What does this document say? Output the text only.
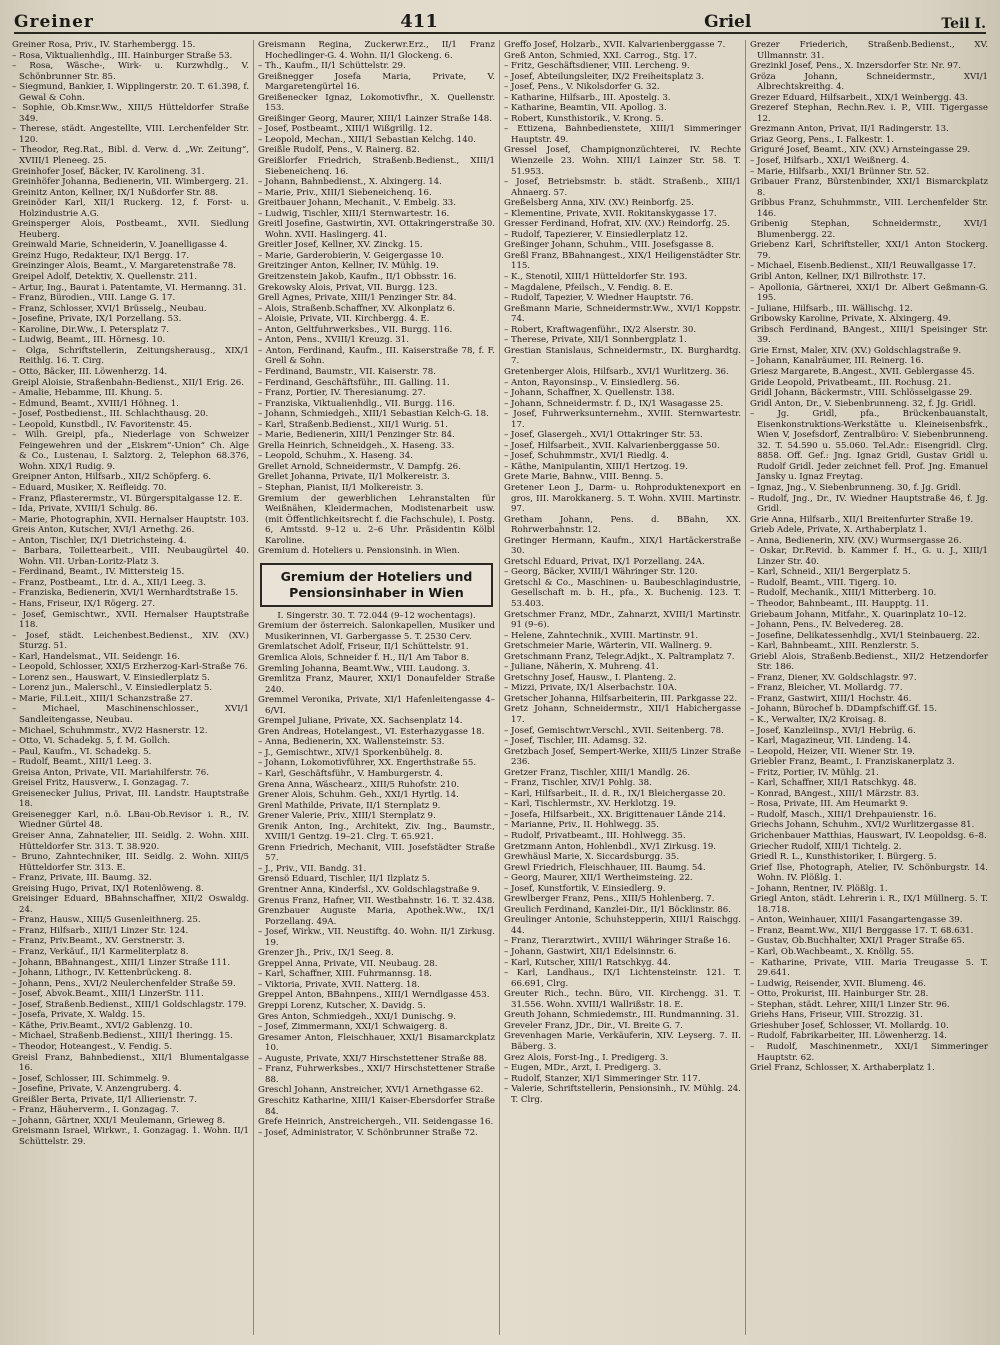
Greiner	411	Griel	Teil I.

Greiner Rosa, Priv., IV. Starhembergg. 15.

– Rosa, Viktualienhdlg., III. Hainburger Straße 53.

– Rosa, Wäsche-, Wirk- u. Kurzwhdlg., V. Schönbrunner Str. 85.

– Siegmund, Bankier, I. Wipplingerstr. 20. T. 61.398, f. Gewal & Cohn.

– Sophie, Ob.Kmsr.Ww., XIII/5 Hütteldorfer Straße 349.

– Therese, städt. Angestellte, VIII. Lerchenfelder Str. 120.

– Theodor, Reg.Rat., Bibl. d. Verw. d. „Wr. Zeitung“, XVIII/1 Pleneeg. 25.

Greinhofer Josef, Bäcker, IV. Karolineng. 31.

Greinhöfer Johanna, Bedienerin, VII. Wimbergerg. 21.

Greinitz Anton, Kellner, IX/1 Nußdorfer Str. 88.

Greinöder Karl, XII/1 Ruckerg. 12, f. Forst- u. Holzindustrie A.G.

Greinsperger Alois, Postbeamt., XVII. Siedlung Heuberg.

Greinwald Marie, Schneiderin, V. Joanelligasse 4.

Greinz Hugo, Redakteur, IX/1 Bergg. 17.

Greinzinger Alois, Beamt., V. Margaretenstraße 78.

Greipel Adolf, Detektiv, X. Quellenstr. 211.

– Artur, Ing., Baurat i. Patentamte, VI. Hermanng. 31.

– Franz, Bürodien., VIII. Lange G. 17.

– Franz, Schlosser, XVI/1 Brüsselg., Neubau.

– Josefine, Private, IX/1 Porzellang. 53.

– Karoline, Dir.Ww., I. Petersplatz 7.

– Ludwig, Beamt., III. Hörnesg. 10.

– Olga, Schriftstellerin, Zeitungsherausg., XIX/1 Reithlg. 16. T. Cirg.

– Otto, Bäcker, III. Löwenherzg. 14.

Greipl Aloisie, Straßenbahn-Bedienst., XII/1 Erig. 26.

– Amalie, Hebamme, III. Khung. 5.

– Edmund, Beamt., XVIII/1 Höhneg. 1.

– Josef, Postbedienst., III. Schlachthausg. 20.

– Leopold, Kunstbdl., IV. Favoritenstr. 45.

– Wilh. Greipl, pfa., Niederlage von Schweizer Feingewehren und der „Eiskrem“-Union“ Ch. Alge & Co., Lustenau, I. Salztorg. 2, Telephon 68.376, Wohn. XIX/1 Rudig. 9.

Greipner Anton, Hilfsarb., XII/2 Schöpferg. 6.

– Eduard, Musiker, X. Reifleidg. 70.

– Franz, Pflasterermstr., VI. Bürgerspitalgasse 12. E.

– Ida, Private, XVIII/1 Schulg. 86.

– Marie, Photographin, XVII. Hernalser Hauptstr. 103.

Greis Anton, Kutscher, XVI/1 Arnethg. 26.

– Anton, Tischler, IX/1 Dietrichsteing. 4.

– Barbara, Toilettearbeit., VIII. Neubaugürtel 40. Wohn. VII. Urban-Loritz-Platz 3.

– Ferdinand, Beamt., IV. Mittersteig 15.

– Franz, Postbeamt., Ltr. d. A., XII/1 Leeg. 3.

– Franziska, Bedienerin, XVI/1 Wernhardtstraße 15.

– Hans, Friseur, IX/1 Rögerg. 27.

– Josef, Gemischtwr., XVII. Hernalser Hauptstraße 118.

– Josef, städt. Leichenbest.Bedienst., XIV. (XV.) Sturzg. 51.

– Karl, Handelsmat., VII. Seidengr. 16.

– Leopold, Schlosser, XXI/5 Erzherzog-Karl-Straße 76.

– Lorenz sen., Hauswart, V. Einsiedlerplatz 5.

– Lorenz jun., Malerschl., V. Einsiedlerplatz 5.

– Marie, Fil.Leit., XIII/1 Schanzstraße 27.

– Michael, Maschinenschlosser., XVI/1 Sandleitengasse, Neubau.

– Michael, Schuhmmstr., XV/2 Hasnerstr. 12.

– Otto, Vi. Schadekg. 5, f. M. Gollch.

– Paul, Kaufm., VI. Schadekg. 5.

– Rudolf, Beamt., XIII/1 Leeg. 3.

Greisa Anton, Private, VII. Mariahilferstr. 76.

Greisel Fritz, Hausverw., I. Gonzagag. 7.

Greisenecker Julius, Privat, III. Landstr. Hauptstraße 18.

Greisenegger Karl, n.ö. LBau-Ob.Revisor i. R., IV. Wiedner Gürtel 48.

Greiser Anna, Zahnatelier, III. Seidlg. 2. Wohn. XIII. Hütteldorfer Str. 313. T. 38.920.

– Bruno, Zahntechniker, III. Seidlg. 2. Wohn. XIII/5 Hütteldorfer Str. 313. E.

– Franz, Private, III. Baumg. 32.

Greising Hugo, Privat, IX/1 Rotenlöweng. 8.

Greisinger Eduard, BBahnschaffner, XII/2 Oswaldg. 24.

– Franz, Hausw., XIII/5 Gusenleithnerg. 25.

– Franz, Hilfsarb., XIII/1 Linzer Str. 124.

– Franz, Priv.Beamt., XV. Gerstnerstr. 3.

– Franz, Verkäuf., II/1 Karmeliterplatz 8.

– Johann, BBahnangest., XIII/1 Linzer Straße 111.

– Johann, Lithogr., IV. Kettenbrückeng. 8.

– Johann, Pens., XVI/2 Neulerchenfelder Straße 59.

– Josef, Abvok.Beamt., XIII/1 LinzerStr. 111.

– Josef, Straßenb.Bedienst., XIII/1 Goldschlagstr. 179.

– Josefa, Private, X. Waldg. 15.

– Käthe, Priv.Beamt., XVI/2 Gablenzg. 10.

– Michael, Straßenb.Bedienst., XIII/1 Iheringg. 15.

– Theodor, Hoteangest., V. Fendig. 5.

Greisl Franz, Bahnbedienst., XII/1 Blumentalgasse 16.

– Josef, Schlosser, III. Schimmelg. 9.

– Josefine, Private, V. Anzengruberg. 4.

Greißler Berta, Private, II/1 Allierienstr. 7.

– Franz, Häuherverm., I. Gonzagag. 7.

– Johann, Gärtner, XXI/1 Meulemann, Grieweg 8.

Greismann Israel, Wirkwr., I. Gonzagag. 1. Wohn. II/1 Schüttelstr. 29.

Greismann Regina, Zuckerwr.Erz., II/1 Franz Hochedlinger-G. 4. Wohn. II/1 Glockeng. 6.

– Th., Kaufm., II/1 Schüttelstr. 29.

Greißnegger Josefa Maria, Private, V. Margaretengürtel 16.

Greißenecker Ignaz, Lokomotivfhr., X. Quellenstr. 153.

Greißinger Georg, Maurer, XIII/1 Lainzer Straße 148.

– Josef, Postbeamt., XIII/1 Wißgrillg. 12.

– Leopold, Mechan., XIII/1 Sebastian Kelchg. 140.

Greißle Rudolf, Pens., V. Rainerg. 82.

Greißlorfer Friedrich, Straßenb.Bedienst., XIII/1 Siebeneichenq. 16.

– Johann, Bahnbedienst., X. Alxingerg. 14.

– Marie, Priv., XIII/1 Siebeneichenq. 16.

Greitbauer Johann, Mechanit., V. Embelg. 33.

– Ludwig, Tischler, XIII/1 Sternwartestr. 16.

Greitl Josefine, Gastwirtin, XVI. Ottakringerstraße 30. Wohn. XVII. Haslingerg. 41.

Greitler Josef, Kellner, XV. Zinckg. 15.

– Marie, Garderobierin, V. Geigergasse 10.

Greitzinger Anton, Kellner, IV. Mühlg. 19.

Greitzenstein Jakob, Kaufm., II/1 Obbsstr. 16.

Grekowsky Alois, Privat, VII. Burgg. 123.

Grell Agnes, Private, XIII/1 Penzinger Str. 84.

– Alois, Straßenb.Schaffner, XV. Alkonplatz 6.

– Aloisie, Private, VII. Kirchbergg. 4. E.

– Anton, Geltfuhrwerksbes., VII. Burgg. 116.

– Anton, Pens., XVIII/1 Kreuzg. 31.

– Anton, Ferdinand, Kaufm., III. Kaiserstraße 78, f. F. Grell & Sohn.

– Ferdinand, Baumstr., VII. Kaiserstr. 78.

– Ferdinand, Geschäftsführ., III. Galling. 11.

– Franz, Portier, IV. Theresianumg. 27.

– Franziska, Viktualienhdlg., VII. Burgg. 116.

– Johann, Schmiedgeh., XIII/1 Sebastian Kelch-G. 18.

– Karl, Straßenb.Bedienst., XII/1 Wurig. 51.

– Marie, Bedienerin, XIII/1 Penzinger Str. 84.

Grella Heinrich, Schneidgeh., X. Haseng. 33.

– Leopold, Schuhm., X. Haseng. 34.

Grellet Arnold, Schneidermstr., V. Dampfg. 26.

Grellet Johanna, Private, II/1 Molkereistr. 3.

– Stephan, Pianist, II/1 Molkereistr. 3.

Gremium der gewerblichen Lehranstalten für Weißnähen, Kleidermachen, Modistenarbeit usw. (mit Öffentlichkeitsrecht f. die Fachschule), I. Postg. 6, Amtsstd. 9–12 u. 2–6 Uhr. Präsidentin Kölbl Karoline.

Gremium d. Hoteliers u. Pensionsinh. in Wien.

Gremium der Hoteliers und
Pensionsinhaber in Wien

I. Singerstr. 30. T. 72.044 (9–12 wochentags).

Gremium der österreich. Salonkapellen, Musiker und Musikerinnen, VI. Garbergasse 5. T. 2530 Cerv.

Gremlatschet Adolf, Friseur, II/1 Schüttelstr. 91.

Gremlica Alois, Schneider f. H., II/1 Am Tabor 8.

Gremling Johanna, Beamt.Ww., VIII. Laudong. 3.

Gremlitza Franz, Maurer, XXI/1 Donaufelder Straße 240.

Gremmel Veronika, Private, XI/1 Hafenleitengasse 4–6/VI.

Grempel Juliane, Private, XX. Sachsenplatz 14.

Gren Andreas, Hotelangest., VI. Esterhazygasse 18.

– Anna, Bedienerin, XX. Wallensteinstr. 53.

– J., Gemischtwr., XIV/1 Sporkenbühelg. 8.

– Johann, Lokomotivführer, XX. Engerthstraße 55.

– Karl, Geschäftsführ., V. Hamburgerstr. 4.

Grena Anna, Wäschearz., XIII/5 Ruhofstr. 210.

Grener Alois, Schuhm. Geh., XXI/1 Hyrtlg. 14.

Grenl Mathilde, Private, II/1 Sternplatz 9.

Grener Valerie, Priv., XIII/1 Sternplatz 9.

Grenik Anton, Ing., Architekt, Ziv. Ing., Baumstr., XVIII/1 Gentzg. 19–21. Clrg. T. 65.921.

Grenn Friedrich, Mechanit, VIII. Josefstädter Straße 57.

– J., Priv., VII. Bandg. 31.

Grensö Eduard, Tischler, II/1 Ilzplatz 5.

Grentner Anna, Kinderfsl., XV. Goldschlagstraße 9.

Grenus Franz, Hafner, VII. Westbahnstr. 16. T. 32.438.

Grenzbauer Auguste Maria, Apothek.Ww., IX/1 Porzellang. 49A.

– Josef, Wirkw., VII. Neustiftg. 40. Wohn. II/1 Zirkusg. 19.

Grenzer Jh., Priv., IX/1 Seeg. 8.

Greppel Anna, Private, VII. Neubaug. 28.

– Karl, Schaffner, XIII. Fuhrmannsg. 18.

– Viktoria, Private, XVII. Natterg. 18.

Greppel Anton, BBahnpens., XIII/1 Werndlgasse 453.

Greppi Lorenz, Kutscher, X. Davidg. 5.

Gres Anton, Schmiedgeh., XXI/1 Dunischg. 9.

– Josef, Zimmermann, XXI/1 Schwaigerg. 8.

Gresamer Anton, Fleischhauer, XXI/1 Bisamarckplatz 10.

– Auguste, Private, XXI/7 Hirschstettener Straße 88.

– Franz, Fuhrwerksbes., XXI/7 Hirschstettener Straße 88.

Greschl Johann, Anstreicher, XVI/1 Arnethgasse 62.

Greschitz Katharine, XIII/1 Kaiser-Ebersdorfer Straße 84.

Grefe Heinrich, Anstreichergeh., VII. Seidengasse 16.

– Josef, Administrator, V. Schönbrunner Straße 72.

Greffo Josef, Holzarb., XVII. Kalvarienberggasse 7.

Greß Anton, Schmied, XXI. Carrog., Stg. 17.

– Fritz, Geschäftsdiener, VIII. Lercheng. 9.

– Josef, Abteilungsleiter, IX/2 Freiheitsplatz 3.

– Josef, Pens., V. Nikolsdorfer G. 32.

– Katharine, Hilfsarb., III. Apostelg. 3.

– Katharine, Beamtin, VII. Apollog. 3.

– Robert, Kunsthistorik., V. Krong. 5.

– Ettizena, Bahnbedienstete, XIII/1 Simmeringer Hauptstr. 49.

Gressel Josef, Champignonzüchterei, IV. Rechte Wienzeile 23. Wohn. XIII/1 Lainzer Str. 58. T. 51.953.

– Josef, Betriebsmstr. b. städt. Straßenb., XIII/1 Ahnaerg. 57.

Greßelsberg Anna, XIV. (XV.) Reinborfg. 25.

– Klementine, Private, XVII. Rokitanskygasse 17.

Gresser Ferdinand, Hofrat, XIV. (XV.) Reindorfg. 25.

– Rudolf, Tapezierer, V. Einsiedlerplatz 12.

Greßinger Johann, Schuhm., VIII. Josefsgasse 8.

Greßl Franz, BBahnangest., XIX/1 Heiligenstädter Str. 115.

– K., Stenotil, XIII/1 Hütteldorfer Str. 193.

– Magdalene, Pfeilsch., V. Fendig. 8. E.

– Rudolf, Tapezier, V. Wiedner Hauptstr. 76.

Greßmann Marie, Schneidermstr.Ww., XVI/1 Koppstr. 74.

– Robert, Kraftwagenführ., IX/2 Alserstr. 30.

– Therese, Private, XII/1 Sonnbergplatz 1.

Grestian Stanislaus, Schneidermstr., IX. Burghardtg. 7.

Gretenberger Alois, Hilfsarb., XVI/1 Wurlitzerg. 36.

– Anton, Rayonsinsp., V. Einsiedlerg. 56.

– Johann, Schaffner, X. Quellenstr. 138.

– Johann, Schneidermstr. f. D., IX/1 Wasagasse 25.

– Josef, Fuhrwerksunternehm., XVIII. Sternwartestr. 17.

– Josef, Glasergeh., XVI/1 Ottakringer Str. 53.

– Josef, Hilfsarbeit., XVII. Kalvarienberggasse 50.

– Josef, Schuhmmstr., XVI/1 Riedlg. 4.

– Käthe, Manipulantin, XIII/1 Hertzog. 19.

Grete Marie, Bahnw., VIII. Benng. 5.

Gretener Leon J., Darm- u. Rohproduktenexport en gros, III. Marokkanerg. 5. T. Wohn. XVIII. Martinstr. 97.

Gretham Johann, Pens. d. BBahn, XX. Rohrwerbahnstr. 12.

Gretinger Hermann, Kaufm., XIX/1 Hartäckerstraße 30.

Gretschl Eduard, Privat, IX/1 Porzellang. 24A.

– Georg, Bäcker, XVIII/1 Währinger Str. 120.

Gretschl & Co., Maschinen- u. Baubeschlagindustrie, Gesellschaft m. b. H., pfa., X. Buchenig. 123. T. 53.403.

Gretschmer Franz, MDr., Zahnarzt, XVIII/1 Martinstr. 91 (9–6).

– Helene, Zahntechnik., XVIII. Martinstr. 91.

Gretschmeier Marie, Wärterin, VII. Wallnerg. 9.

Gretschmann Franz, Telegr.Adjkt., X. Paltramplatz 7.

– Juliane, Näherin, X. Muhreng. 41.

Gretschny Josef, Hausw., I. Planteng. 2.

– Mizzi, Private, IX/1 Alserbachstr. 10A.

Gretscher Johanna, Hilfsarbeiterin, III. Parkgasse 22.

Gretz Johann, Schneidermstr., XII/1 Habichergasse 17.

– Josef, Gemischtwr.Verschl., XVII. Seitenberg. 78.

– Josef, Tischler, III. Adamsg. 32.

Gretzbach Josef, Sempert-Werke, XIII/5 Linzer Straße 236.

Gretzer Franz, Tischler, XIII/1 Mandlg. 26.

– Franz, Tischler, XIV/1 Pohlg. 38.

– Karl, Hilfsarbeit., II. d. R., IX/1 Bleichergasse 20.

– Karl, Tischlermstr., XV. Herklotzg. 19.

– Josefa, Hilfsarbeit., XX. Brigittenauer Lände 214.

– Marianne, Priv., II. Hohlwegg. 35.

– Rudolf, Privatbeamt., III. Hohlwegg. 35.

Gretzmann Anton, Hohlenbdl., XV/1 Zirkusg. 19.

Grewhäusl Marie, X. Siccardsburgg. 35.

Grewl Friedrich, Fleischhauer, III. Baumg. 54.

– Georg, Maurer, XII/1 Wertheimsteing. 22.

– Josef, Kunstfortik, V. Einsiedlerg. 9.

Grewlberger Franz, Pens., XIII/5 Hohlenberg. 7.

Greulich Ferdinand, Kanzlei-Dir., II/1 Böcklinstr. 86.

Greulinger Antonie, Schuhstepperin, XIII/1 Raischgg. 44.

– Franz, Tierarztwirt., XVIII/1 Währinger Straße 16.

– Johann, Gastwirt, XII/1 Edelsinnstr. 6.

– Karl, Kutscher, XIII/1 Ratschkyg. 44.

– Karl, Landhaus., IX/1 Lichtensteinstr. 121. T. 66.691, Clrg.

Greuter Rich., techn. Büro, VII. Kirchengg. 31. T. 31.556. Wohn. XVIII/1 Wallrißstr. 18. E.

Greuth Johann, Schmiedemstr., III. Rundmanning. 31.

Greveler Franz, JDr., Dir., VI. Breite G. 7.

Grevenhagen Marie, Verkäuferin, XIV. Leyserg. 7. II. Bäberg. 3.

Grez Alois, Forst-Ing., I. Predigerg. 3.

– Eugen, MDr., Arzt, I. Predigerg. 3.

– Rudolf, Stanzer, XI/1 Simmeringer Str. 117.

– Valerie, Schriftstellerin, Pensionsinh., IV. Mühlg. 24. T. Clrg.

Grezer Friederich, Straßenb.Bedienst., XV. Ullmannstr. 31.

Grezinkl Josef, Pens., X. Inzersdorfer Str. Nr. 97.

Gröza Johann, Schneidermstr., XVI/1 Albrechtskreithg. 4.

Grezer Eduard, Hilfsarbeit., XIX/1 Weinbergg. 43.

Grezeref Stephan, Rechn.Rev. i. P., VIII. Tigergasse 12.

Grezmann Anton, Privat, II/1 Radingerstr. 13.

Griaz Georg, Pens., I. Falkestr. 1.

Griguré Josef, Beamt., XIV. (XV.) Arnsteingasse 29.

– Josef, Hilfsarb., XXI/1 Weißnerg. 4.

– Marie, Hilfsarb., XXI/1 Brünner Str. 52.

Gribauer Franz, Bürstenbinder, XXI/1 Bismarckplatz 8.

Gribbus Franz, Schuhmmstr., VIII. Lerchenfelder Str. 146.

Gribenig Stephan, Schneidermstr., XVI/1 Blumenbergg. 22.

Griebenz Karl, Schriftsteller, XXI/1 Anton Stockerg. 79.

– Michael, Eisenb.Bedienst., XII/1 Reuwallgasse 17.

Gribl Anton, Kellner, IX/1 Billrothstr. 17.

– Apollonia, Gärtnerei, XXI/1 Dr. Albert Geßmann-G. 195.

– Juliane, Hilfsarb., III. Wällischg. 12.

Gribowsky Karoline, Private, X. Alxingerg. 49.

Gribsch Ferdinand, BAngest., XIII/1 Speisinger Str. 39.

Grie Ernst, Maler, XIV. (XV.) Goldschlagstraße 9.

– Johann, Kanalräumer, III. Reinerg. 16.

Griesz Margarete, B.Angest., XVII. Geblergasse 45.

Gride Leopold, Privatbeamt., III. Rochusg. 21.

Gridl Johann, Bäckermstr., VIII. Schlösselgasse 29.

Gridl Anton, Dr., V. Siebenbrunneng. 32, f. Jg. Gridl.

– Jg. Gridl, pfa., Brückenbauanstalt, Eisenkonstruktions-Werkstätte u. Kleineisenbsfrk., Wien V, Josefsdorf, Zentralbüro: V. Siebenbrunneng. 32. T. 54.590 u. 55.060. Tel.Adr.: Eisengridl. Clrg. 8858. Off. Gef.: Jng. Ignaz Gridl, Gustav Gridl u. Rudolf Gridl. Jeder zeichnet fell. Prof. Jng. Emanuel Jansky u. Ignaz Freytag.

– Ignaz, Jng., V. Siebenbrunneng. 30, f. Jg. Gridl.

– Rudolf, Jng., Dr., IV. Wiedner Hauptstraße 46, f. Jg. Gridl.

Grie Anna, Hilfsarb., XII/1 Breitenfurter Straße 19.

Grieb Adele, Private, X. Arthaberplatz 1.

– Anna, Bedienerin, XIV. (XV.) Wurmsergasse 26.

– Oskar, Dr.Revid. b. Kammer f. H., G. u. J., XIII/1 Linzer Str. 40.

– Karl, Schneid., XII/1 Bergerplatz 5.

– Rudolf, Beamt., VIII. Tigerg. 10.

– Rudolf, Mechanik., XIII/1 Mitterberg. 10.

– Theodor, Bahnbeamt., III. Haupptg. 11.

Griebaum Johann, Mitfahr., X. Quarinplatz 10–12.

– Johann, Pens., IV. Belvedereg. 28.

– Josefine, Delikatessenhdlg., XVI/1 Steinbauerg. 22.

– Karl, Bahnbeamt., XIII. Renzlerstr. 5.

Griebl Alois, Straßenb.Bedienst., XII/2 Hetzendorfer Str. 186.

– Franz, Diener, XV. Goldschlagstr. 97.

– Franz, Bleicher, VI. Mollardg. 77.

– Franz, Gastwirt, XIII/1 Hochstr. 46.

– Johann, Bürochef b. DDampfschiff.Gf. 15.

– K., Verwalter, IX/2 Kroisag. 8.

– Josef, Kanzleiinsp., XVI/1 Hebrüg. 6.

– Karl, Magazineur, VII. Lindeng. 14.

– Leopold, Heizer, VII. Wiener Str. 19.

Griebler Franz, Beamt., I. Franziskanerplatz 3.

– Fritz, Portier, IV. Mühlg. 21.

– Karl, Schaffner, XII/1 Ratschkyg. 48.

– Konrad, BAngest., XIII/1 Märzstr. 83.

– Rosa, Private, III. Am Heumarkt 9.

– Rudolf, Masch., XIII/1 Drehpauienstr. 16.

Griechs Johann, Schuhm., XVI/2 Wurlitzergasse 81.

Grichenbauer Matthias, Hauswart, IV. Leopoldsg. 6–8.

Griecher Rudolf, XIII/1 Tichtelg. 2.

Griedl R. L., Kunsthistoriker, I. Bürgerg. 5.

Grief Ilse, Photograph, Atelier, IV. Schönburgstr. 14. Wohn. IV. Plößlg. 1.

– Johann, Rentner, IV. Plößlg. 1.

Griegl Anton, städt. Lehrerin i. R., IX/1 Müllnerg. 5. T. 18.718.

– Anton, Weinhauer, XIII/1 Fasangartengasse 39.

– Franz, Beamt.Ww., XII/1 Berggasse 17. T. 68.631.

– Gustav, Ob.Buchhalter, XXI/1 Prager Straße 65.

– Karl, Ob.Wachbeamt., X. Knöllg. 55.

– Katharine, Private, VIII. Maria Treugasse 5. T. 29.641.

– Ludwig, Reisender, XVII. Blumeng. 46.

– Otto, Prokurist, III. Hainburger Str. 28.

– Stephan, städt. Lehrer, XIII/1 Linzer Str. 96.

Griehs Hans, Friseur, VIII. Strozzig. 31.

Grieshuber Josef, Schlosser, VI. Mollardg. 10.

– Rudolf, Fabrikarbeiter, III. Löwenherzg. 14.

– Rudolf, Maschinenmetr., XXI/1 Simmeringer Hauptstr. 62.

Griel Franz, Schlosser, X. Arthaberplatz 1.
